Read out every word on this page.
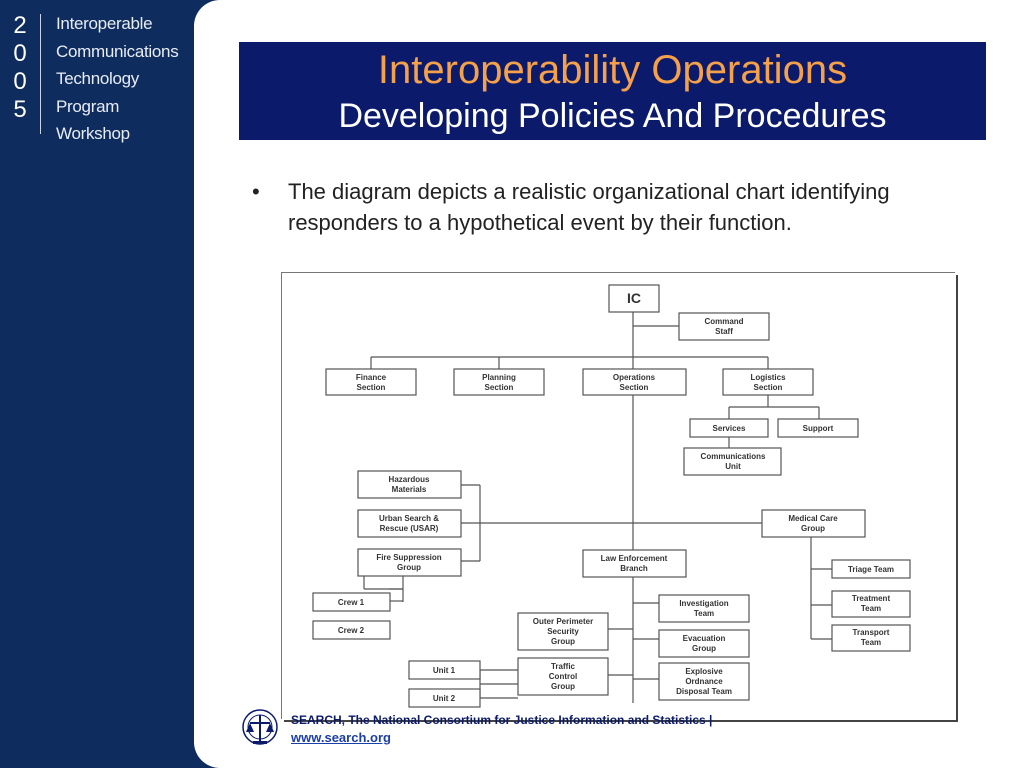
2
0
0
5
Interoperable
Communications
Technology
Program
Workshop
Interoperability Operations
Developing Policies And Procedures
• The diagram depicts a realistic organizational chart identifying responders to a hypothetical event by their function.
IC
Command
Staff
Finance
Section
Planning
Section
Operations
Section
Logistics
Section
Services	Support
Communications
Unit
Hazardous
Materials
Urban Search &
Rescue (USAR)
Fire Suppression
Group
Medical Care
Group
Law Enforcement
Branch	Triage Team
Treatment
Team
Transport
Team
Crew 1
Crew 2
Investigation
Team
Outer Perimeter
Security
Group	Evacuation
Group
Unit 1	Traffic
Control
Group
Explosive
Ordnance
Disposal Team
Unit 2
SEARCH, The National Consortium for Justice Information and Statistics |
www.search.org
